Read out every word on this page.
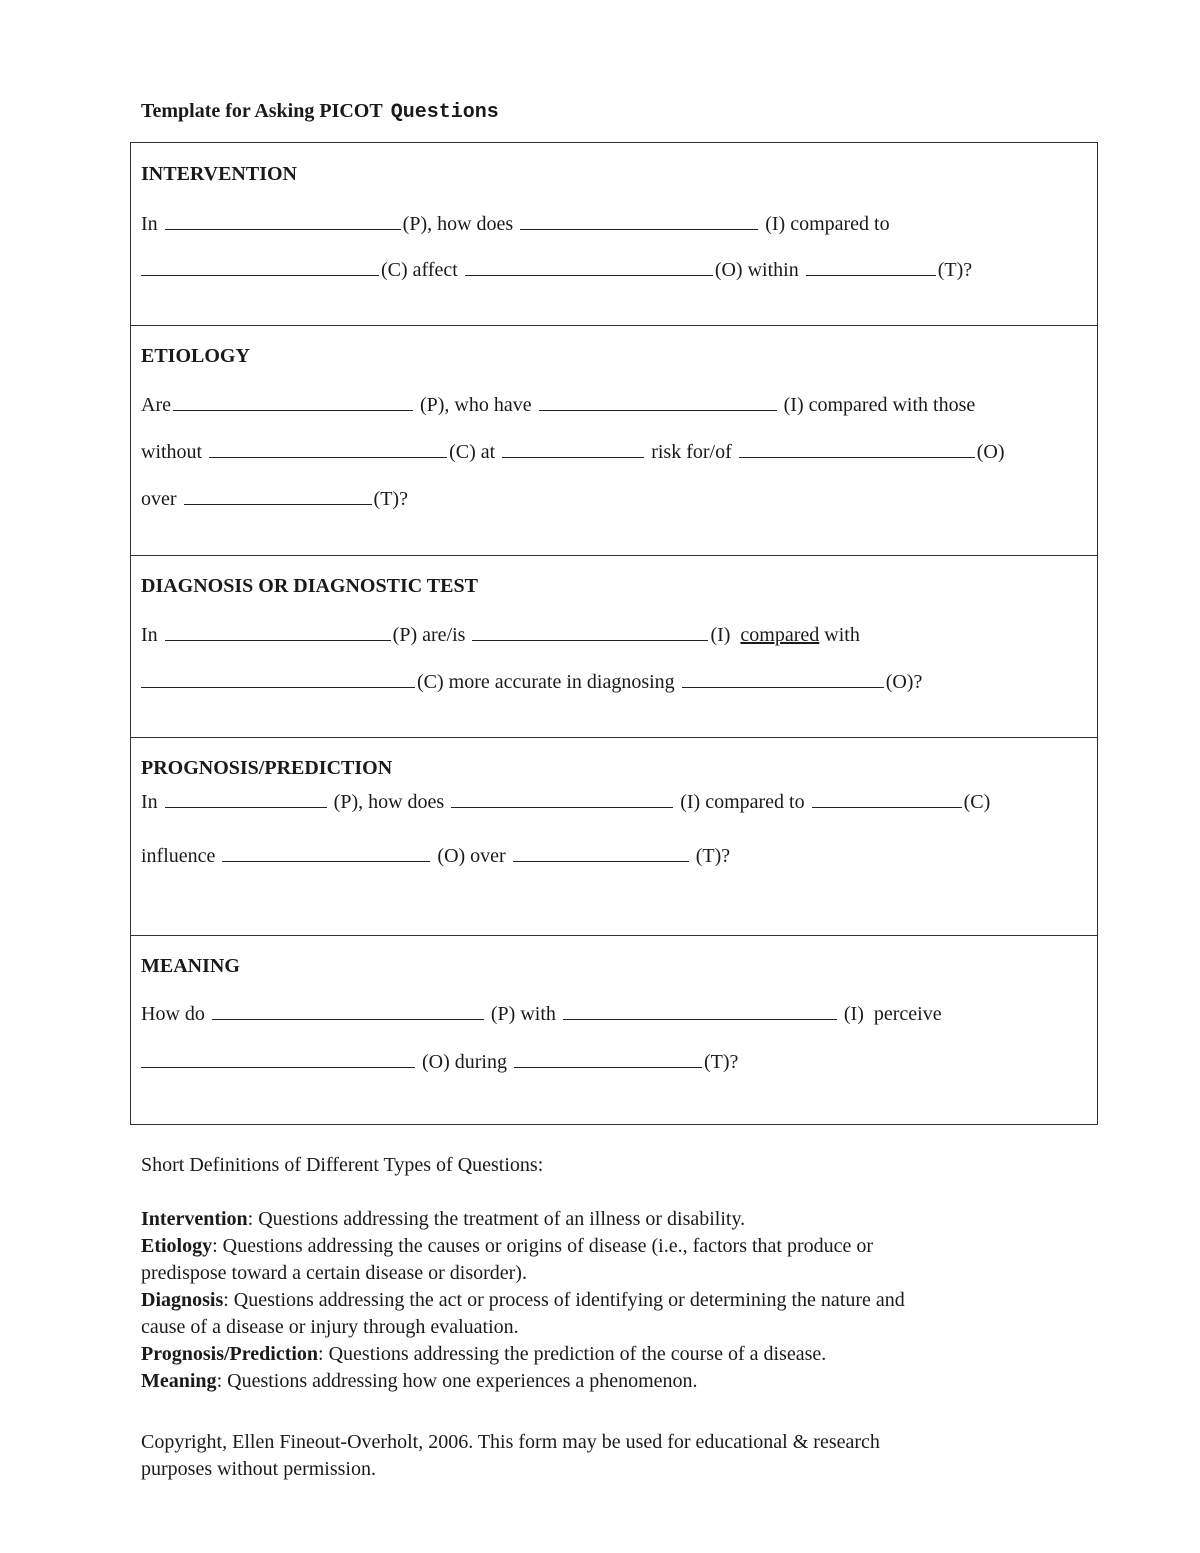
Template for Asking PICOT Questions
INTERVENTION
In	(P), how does	(I) compared to
(C) affect	(O) within	(T)?
ETIOLOGY
Are	(P), who have	(I) compared with those
without	(C) at	risk for/of	(O)
over	(T)?
DIAGNOSIS OR DIAGNOSTIC TEST
In	(P) are/is	(I) compared with
(C) more accurate in diagnosing	(O)?
PROGNOSIS/PREDICTION
In	(P), how does	(I) compared to	(C)
influence	(O) over	(T)?
MEANING
How do	(P) with	(I) perceive
(O) during	(T)?
Short Definitions of Different Types of Questions:
Intervention: Questions addressing the treatment of an illness or disability.
Etiology: Questions addressing the causes or origins of disease (i.e., factors that produce or
predispose toward a certain disease or disorder).
Diagnosis: Questions addressing the act or process of identifying or determining the nature and
cause of a disease or injury through evaluation.
Prognosis/Prediction: Questions addressing the prediction of the course of a disease.
Meaning: Questions addressing how one experiences a phenomenon.
Copyright, Ellen Fineout-Overholt, 2006. This form may be used for educational & research
purposes without permission.
